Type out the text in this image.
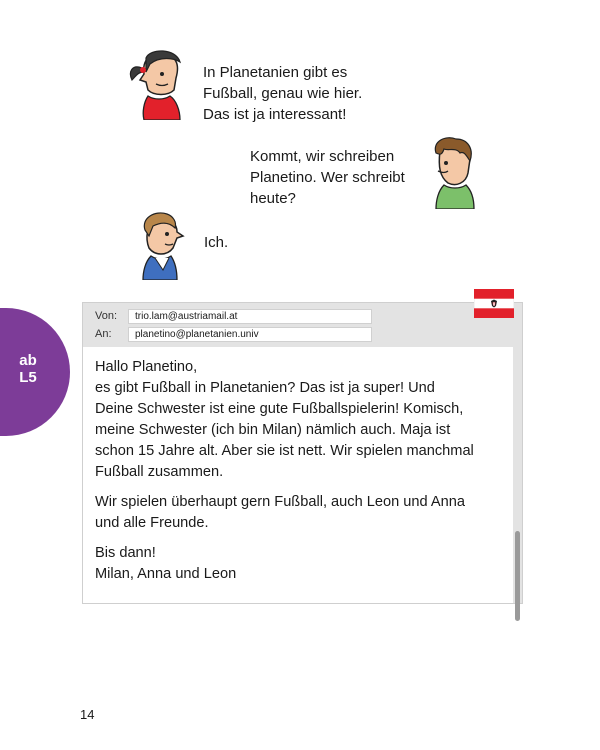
In Planetanien gibt es
Fußball, genau wie hier.
Das ist ja interessant!
Kommt, wir schreiben
Planetino. Wer schreibt
heute?
Ich.
ab
L5
Von:	trio.lam@austriamail.at
An:	planetino@planetanien.univ

Hallo Planetino,
es gibt Fußball in Planetanien? Das ist ja super! Und
Deine Schwester ist eine gute Fußballspielerin! Komisch,
meine Schwester (ich bin Milan) nämlich auch. Maja ist
schon 15 Jahre alt. Aber sie ist nett. Wir spielen manchmal
Fußball zusammen.

Wir spielen überhaupt gern Fußball, auch Leon und Anna
und alle Freunde.

Bis dann!
Milan, Anna und Leon

14
